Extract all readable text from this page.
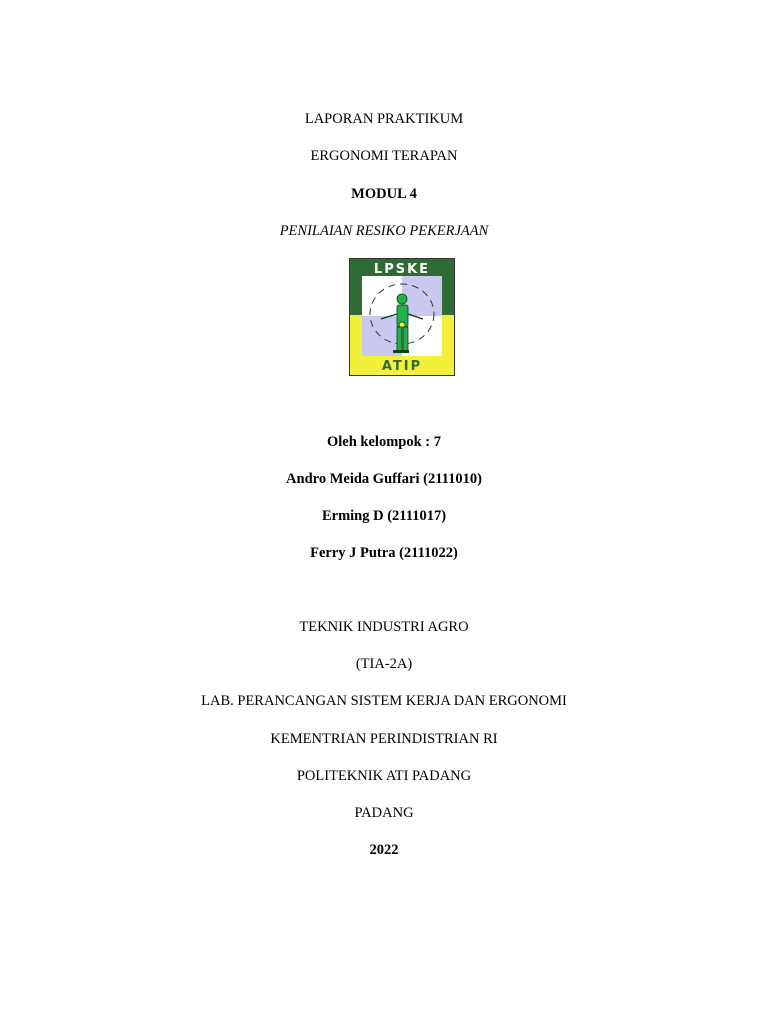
LAPORAN PRAKTIKUM
ERGONOMI TERAPAN
MODUL 4
PENILAIAN RESIKO PEKERJAAN
LPSKE
ATIP
Oleh kelompok : 7
Andro Meida Guffari (2111010)
Erming D (2111017)
Ferry J Putra (2111022)
TEKNIK INDUSTRI AGRO
(TIA-2A)
LAB. PERANCANGAN SISTEM KERJA DAN ERGONOMI
KEMENTRIAN PERINDISTRIAN RI
POLITEKNIK ATI PADANG
PADANG
2022
